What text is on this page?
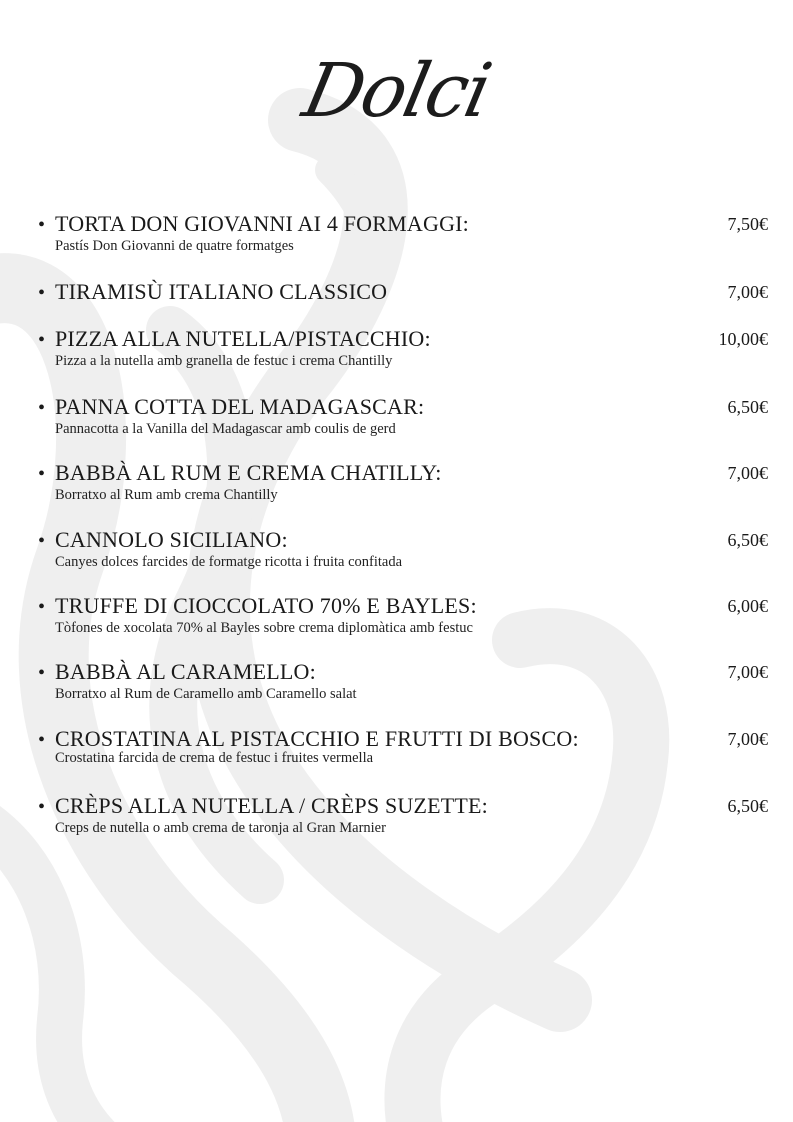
Dolci
• TORTA DON GIOVANNI AI 4 FORMAGGI:	7,50€
Pastís Don Giovanni de quatre formatges
• TIRAMISÙ ITALIANO CLASSICO	7,00€
• PIZZA ALLA NUTELLA/PISTACCHIO:	10,00€
Pizza a la nutella amb granella de festuc i crema Chantilly
• PANNA COTTA DEL MADAGASCAR:	6,50€
Pannacotta a la Vanilla del Madagascar amb coulis de gerd
• BABBÀ AL RUM E CREMA CHATILLY:	7,00€
Borratxo al Rum amb crema Chantilly
• CANNOLO SICILIANO:	6,50€
Canyes dolces farcides de formatge ricotta i fruita confitada
• TRUFFE DI CIOCCOLATO 70% E BAYLES:	6,00€
Tòfones de xocolata 70% al Bayles sobre crema diplomàtica amb festuc
• BABBÀ AL CARAMELLO:	7,00€
Borratxo al Rum de Caramello amb Caramello salat
• CROSTATINA AL PISTACCHIO E FRUTTI DI BOSCO:	7,00€
Crostatina farcida de crema de festuc i fruites vermella
• CRÈPS ALLA NUTELLA / CRÈPS SUZETTE:	6,50€
Creps de nutella o amb crema de taronja al Gran Marnier
